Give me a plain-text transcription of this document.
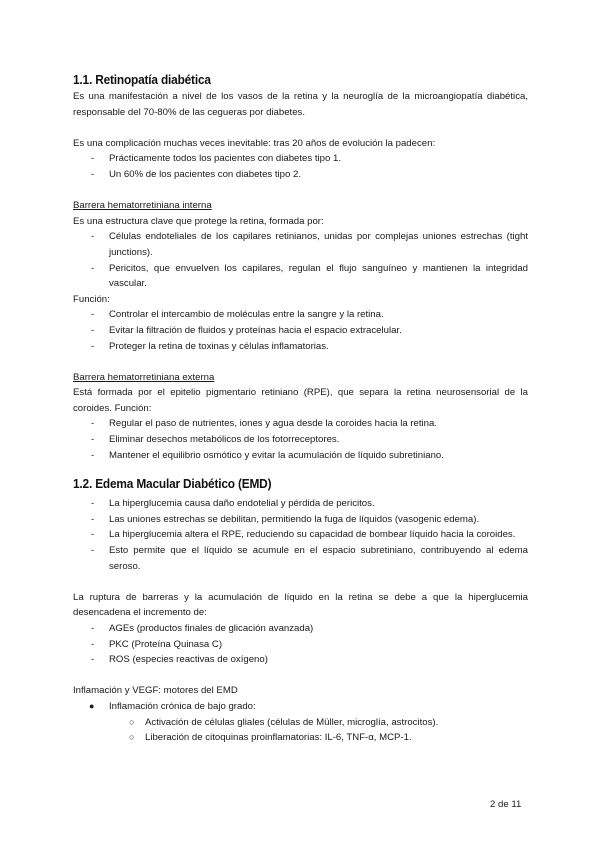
1.1. Retinopatía diabética

Es una manifestación a nivel de los vasos de la retina y la neuroglía de la microangiopatía diabética, responsable del 70-80% de las cegueras por diabetes.

Es una complicación muchas veces inevitable: tras 20 años de evolución la padecen:

- Prácticamente todos los pacientes con diabetes tipo 1.
- Un 60% de los pacientes con diabetes tipo 2.

Barrera hematorretiniana interna

Es una estructura clave que protege la retina, formada por:

- Células endoteliales de los capilares retinianos, unidas por complejas uniones estrechas (tight junctions).
- Pericitos, que envuelven los capilares, regulan el flujo sanguíneo y mantienen la integridad vascular.

Función:

- Controlar el intercambio de moléculas entre la sangre y la retina.
- Evitar la filtración de fluidos y proteínas hacia el espacio extracelular.
- Proteger la retina de toxinas y células inflamatorias.

Barrera hematorretiniana externa

Está formada por el epitelio pigmentario retiniano (RPE), que separa la retina neurosensorial de la coroides. Función:

- Regular el paso de nutrientes, iones y agua desde la coroides hacia la retina.
- Eliminar desechos metabólicos de los fotorreceptores.
- Mantener el equilibrio osmótico y evitar la acumulación de líquido subretiniano.
1.2. Edema Macular Diabético (EMD)
- La hiperglucemia causa daño endotelial y pérdida de pericitos.
- Las uniones estrechas se debilitan, permitiendo la fuga de líquidos (vasogenic edema).
- La hiperglucemia altera el RPE, reduciendo su capacidad de bombear líquido hacia la coroides.
- Esto permite que el líquido se acumule en el espacio subretiniano, contribuyendo al edema seroso.

La ruptura de barreras y la acumulación de líquido en la retina se debe a que la hiperglucemia desencadena el incremento de:

- AGEs (productos finales de glicación avanzada)
- PKC (Proteína Quinasa C)
- ROS (especies reactivas de oxígeno)

Inflamación y VEGF: motores del EMD

● Inflamación crónica de bajo grado:
○ Activación de células gliales (células de Müller, microglía, astrocitos).
○ Liberación de citoquinas proinflamatorias: IL-6, TNF-α, MCP-1.
2 de 11
